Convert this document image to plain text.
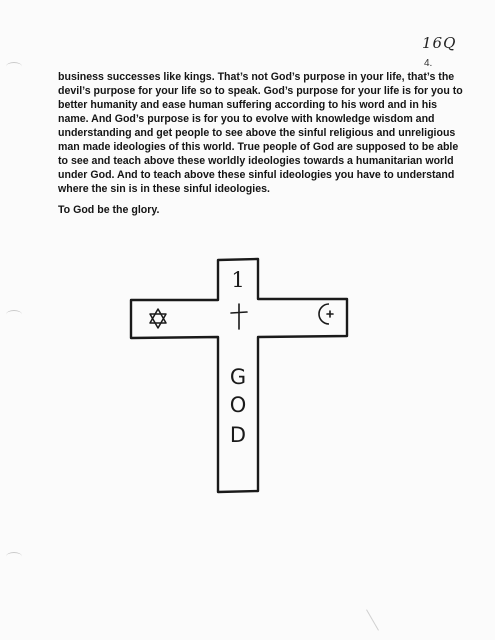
16Q
4.

business successes like kings. That’s not God’s purpose in your life, that’s the
devil’s purpose for your life so to speak. God’s purpose for your life is for you to
better humanity and ease human suffering according to his word and in his
name. And God’s purpose is for you to evolve with knowledge wisdom and
understanding and get people to see above the sinful religious and unreligious
man made ideologies of this world. True people of God are supposed to be able
to see and teach above these worldly ideologies towards a humanitarian world
under God. And to teach above these sinful ideologies you have to understand
where the sin is in these sinful ideologies.

To God be the glory.

1
G
O
D
